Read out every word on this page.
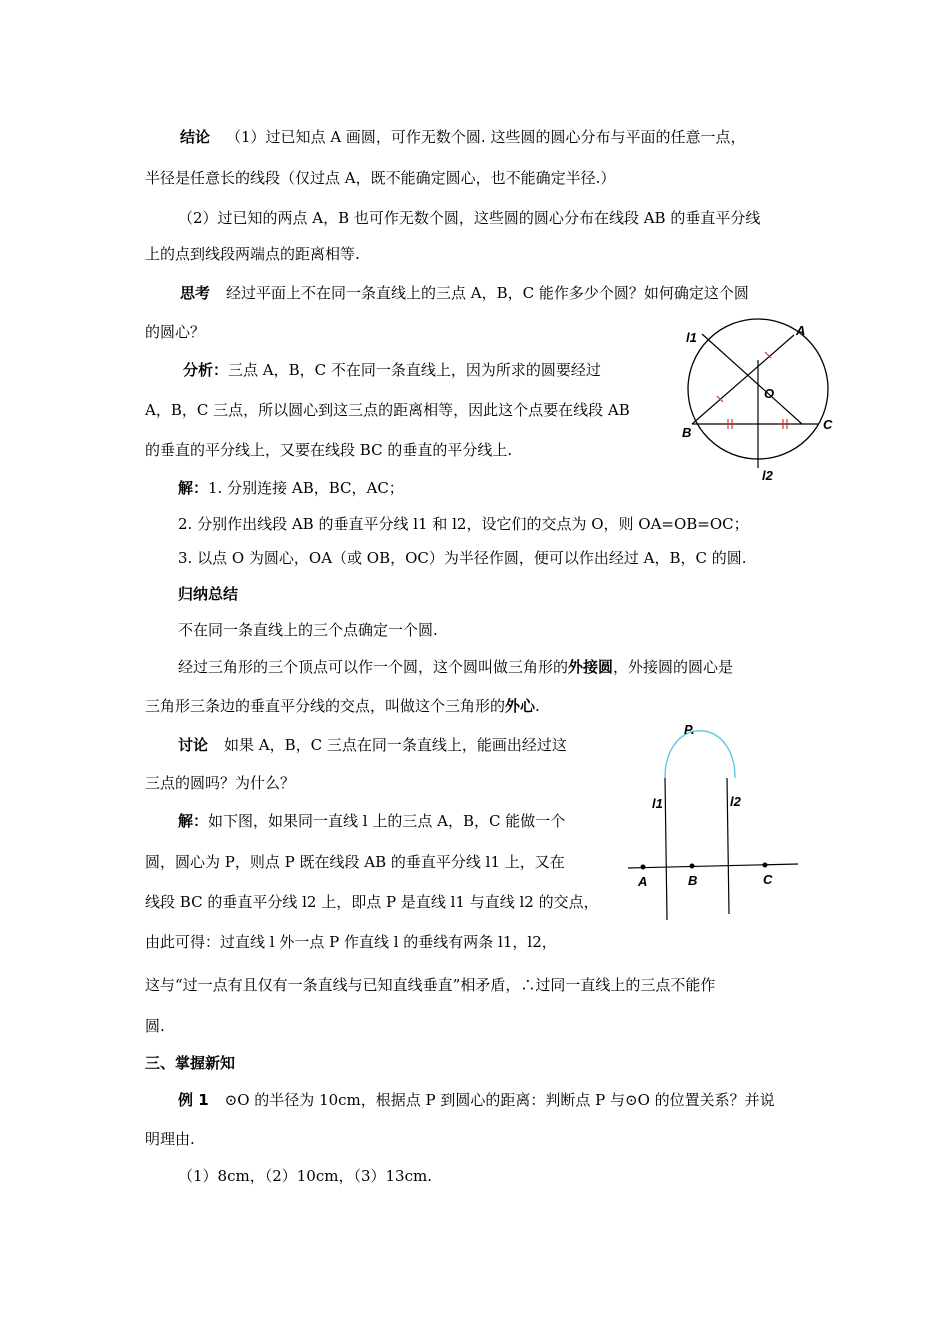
结论 （1）过已知点 A 画圆，可作无数个圆. 这些圆的圆心分布与平面的任意一点，
半径是任意长的线段（仅过点 A，既不能确定圆心，也不能确定半径.）
（2）过已知的两点 A，B 也可作无数个圆，这些圆的圆心分布在线段 AB 的垂直平分线
上的点到线段两端点的距离相等.
思考 经过平面上不在同一条直线上的三点 A，B，C 能作多少个圆？如何确定这个圆
的圆心？
分析：三点 A，B，C 不在同一条直线上，因为所求的圆要经过
A，B，C 三点，所以圆心到这三点的距离相等，因此这个点要在线段 AB
的垂直的平分线上，又要在线段 BC 的垂直的平分线上.
解：1. 分别连接 AB，BC，AC；
2. 分别作出线段 AB 的垂直平分线 l1 和 l2，设它们的交点为 O，则 OA=OB=OC；
3. 以点 O 为圆心，OA（或 OB，OC）为半径作圆，便可以作出经过 A，B，C 的圆.
归纳总结
不在同一条直线上的三个点确定一个圆.
经过三角形的三个顶点可以作一个圆，这个圆叫做三角形的外接圆，外接圆的圆心是
三角形三条边的垂直平分线的交点，叫做这个三角形的外心.
讨论 如果 A，B，C 三点在同一条直线上，能画出经过这
三点的圆吗？为什么？
解：如下图，如果同一直线 l 上的三点 A，B，C 能做一个
圆，圆心为 P，则点 P 既在线段 AB 的垂直平分线 l1 上，又在
线段 BC 的垂直平分线 l2 上，即点 P 是直线 l1 与直线 l2 的交点，
由此可得：过直线 l 外一点 P 作直线 l 的垂线有两条 l1，l2，
这与“过一点有且仅有一条直线与已知直线垂直”相矛盾，∴过同一直线上的三点不能作
圆.
三、掌握新知
例 1 ⊙O 的半径为 10cm，根据点 P 到圆心的距离：判断点 P 与⊙O 的位置关系？并说
明理由.
（1）8cm，（2）10cm，（3）13cm.
l1	A
O
B
C
l2
P.
l1	l2
A	B	C
